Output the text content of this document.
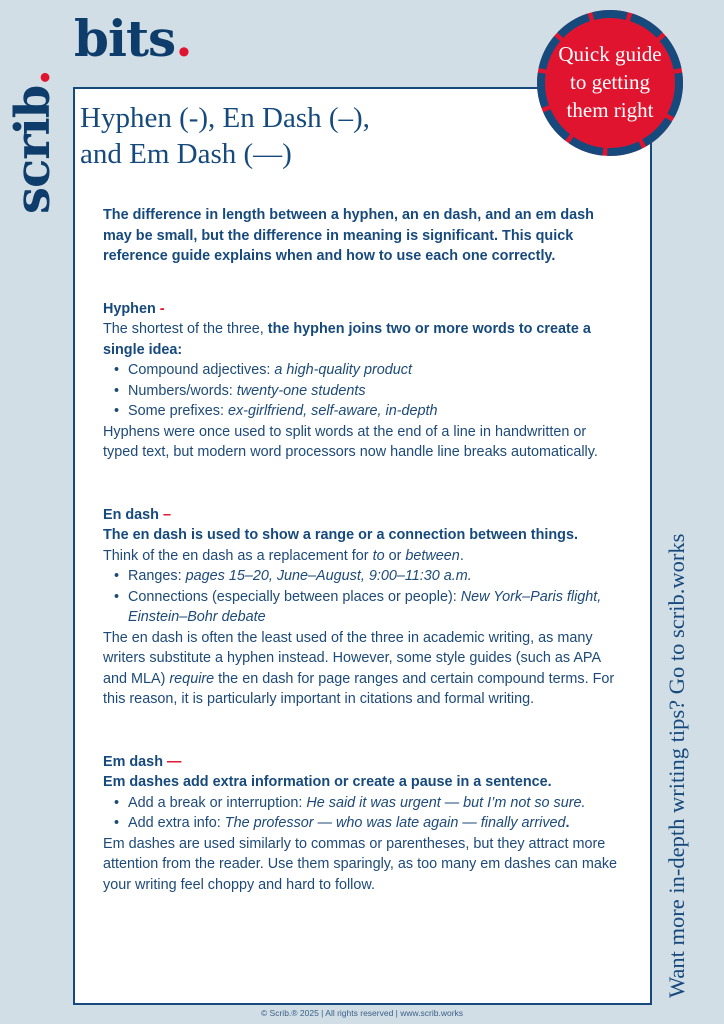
bits.
scrib.
Quick guide
to getting
them right
Hyphen (-), En Dash (–),
and Em Dash (—)

The difference in length between a hyphen, an en dash, and an em dash may be small, but the difference in meaning is significant. This quick reference guide explains when and how to use each one correctly.

Hyphen -

The shortest of the three, the hyphen joins two or more words to create a single idea:

• Compound adjectives: a high-quality product
• Numbers/words: twenty-one students
• Some prefixes: ex-girlfriend, self-aware, in-depth

Hyphens were once used to split words at the end of a line in handwritten or typed text, but modern word processors now handle line breaks automatically.

En dash –

The en dash is used to show a range or a connection between things.

Think of the en dash as a replacement for to or between.

• Ranges: pages 15–20, June–August, 9:00–11:30 a.m.
• Connections (especially between places or people): New York–Paris flight, Einstein–Bohr debate

The en dash is often the least used of the three in academic writing, as many writers substitute a hyphen instead. However, some style guides (such as APA and MLA) require the en dash for page ranges and certain compound terms. For this reason, it is particularly important in citations and formal writing.

Em dash —

Em dashes add extra information or create a pause in a sentence.

• Add a break or interruption: He said it was urgent — but I’m not so sure.
• Add extra info: The professor — who was late again — finally arrived.

Em dashes are used similarly to commas or parentheses, but they attract more attention from the reader. Use them sparingly, as too many em dashes can make your writing feel choppy and hard to follow.	Want more in-depth writing tips? Go to scrib.works
© Scrib.® 2025 | All rights reserved | www.scrib.works
